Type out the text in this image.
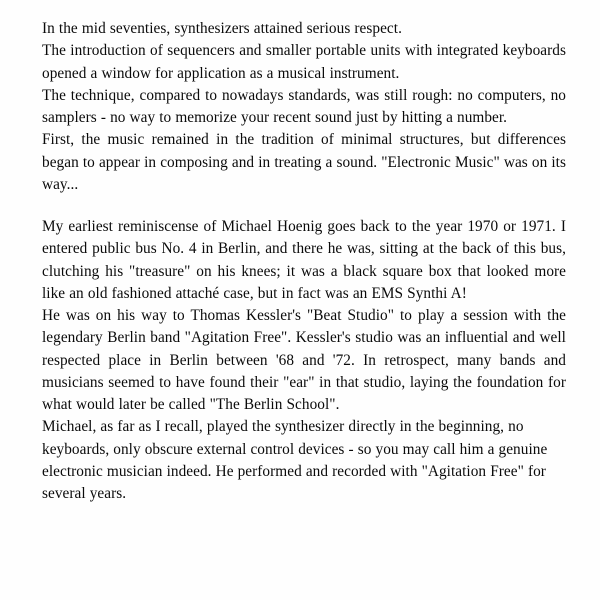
In the mid seventies, synthesizers attained serious respect.

The introduction of sequencers and smaller portable units with integrated keyboards opened a window for application as a musical instrument.

The technique, compared to nowadays standards, was still rough: no computers, no samplers - no way to memorize your recent sound just by hitting a number.

First, the music remained in the tradition of minimal structures, but differences began to appear in composing and in treating a sound. "Electronic Music" was on its way...

My earliest reminiscense of Michael Hoenig goes back to the year 1970 or 1971. I entered public bus No. 4 in Berlin, and there he was, sitting at the back of this bus, clutching his "treasure" on his knees; it was a black square box that looked more like an old fashioned attaché case, but in fact was an EMS Synthi A!

He was on his way to Thomas Kessler's "Beat Studio" to play a session with the legendary Berlin band "Agitation Free". Kessler's studio was an influential and well respected place in Berlin between '68 and '72. In retrospect, many bands and musicians seemed to have found their "ear" in that studio, laying the foundation for what would later be called "The Berlin School".

Michael, as far as I recall, played the synthesizer directly in the beginning, no keyboards, only obscure external control devices - so you may call him a genuine electronic musician indeed. He performed and recorded with "Agitation Free" for several years.
